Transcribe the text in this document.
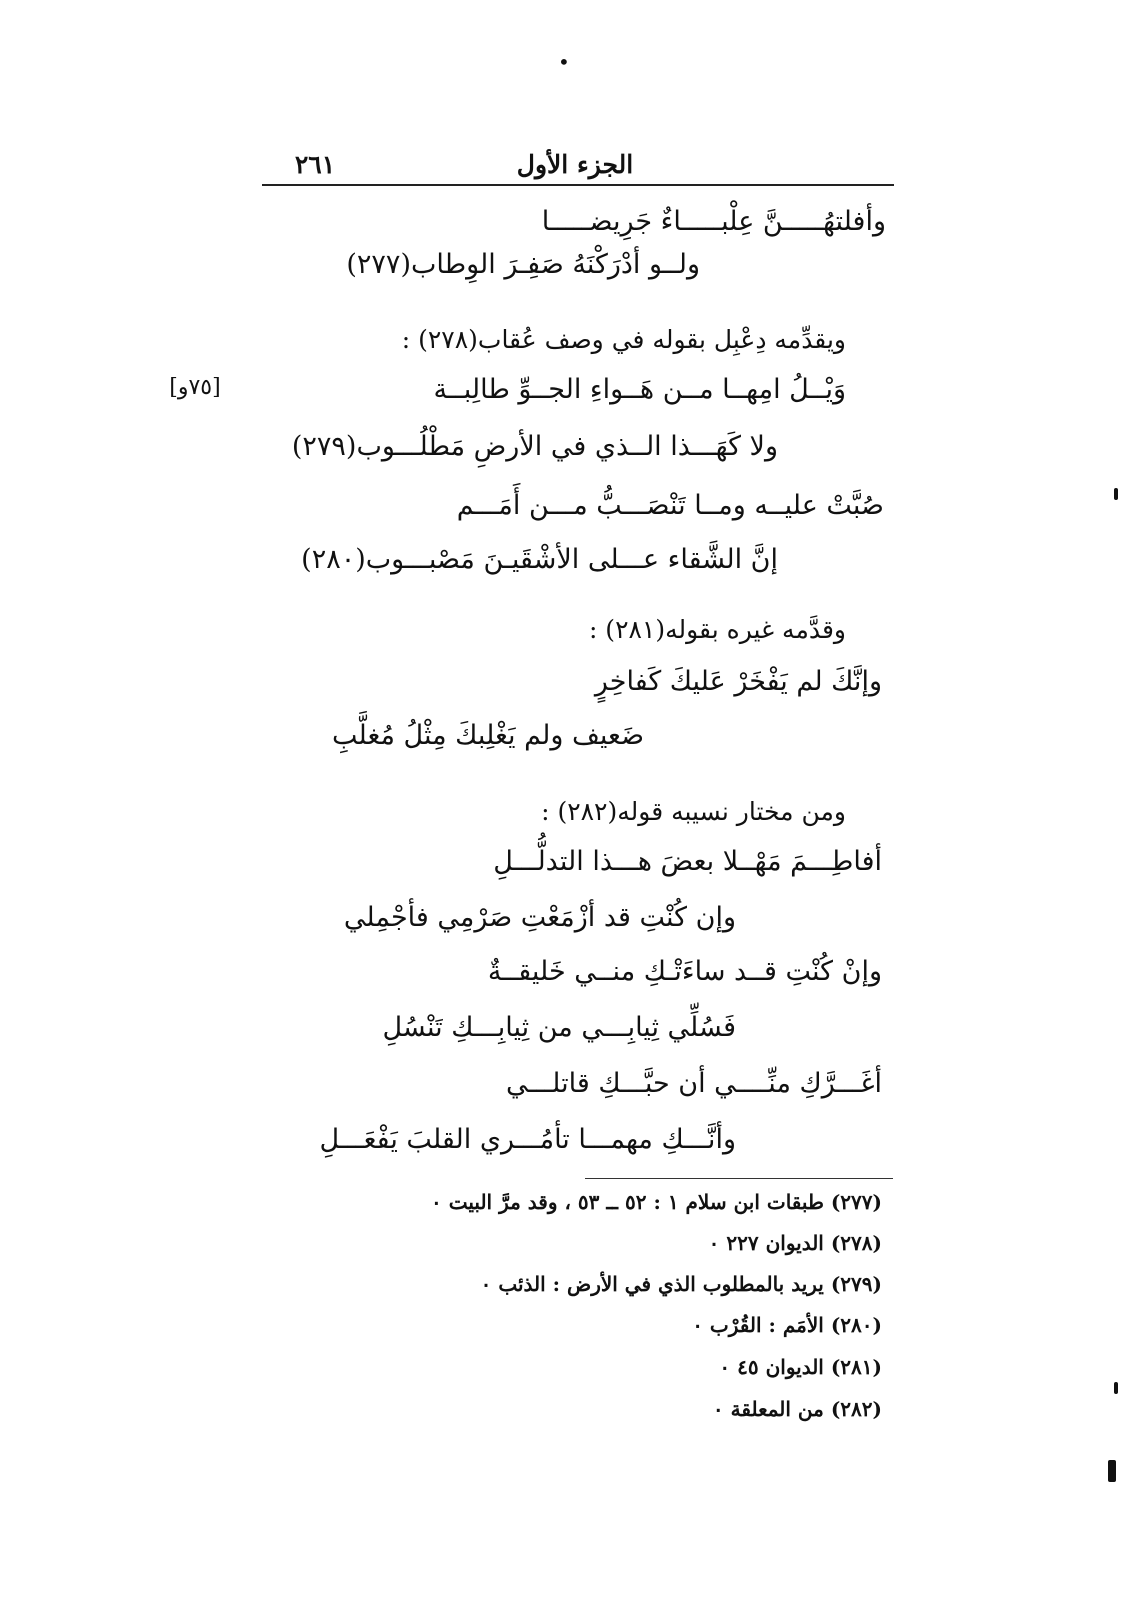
•
الجزء الأول
٢٦١
[٧٥و]
وأفلتهُـــــنَّ عِلْبـــــاءٌ جَرِيضـــــا
ولــو أدْرَكْنَهُ صَفِـرَ الوِطاب(٢٧٧)
ويقدِّمه دِعْبِل بقوله في وصف عُقاب(٢٧٨) :
وَيْــلُ امِهــا مــن هَــواءِ الجــوِّ طالِبــة
ولا كَهَـــذا الــذي في الأرضِ مَطْلُـــوب(٢٧٩)
صُبَّتْ عليــه ومــا تَنْصَـــبُّ مـــن أَمَـــم
إنَّ الشَّقاء عـــلى الأشْقَيـنَ مَصْبـــوب(٢٨٠)
وقدَّمه غيره بقوله(٢٨١) :
وإنَّكَ لم يَفْخَرْ عَليكَ كَفاخِرٍ
ضَعيف ولم يَغْلِبكَ مِثْلُ مُغلَّبِ
ومن مختار نسيبه قوله(٢٨٢) :
أفاطِـــمَ مَهْــلا بعضَ هـــذا التدلُّـــلِ
وإن كُنْتِ قد أزْمَعْتِ صَرْمِي فأجْمِلي
وإنْ كُنْتِ قــد ساءَتْـكِ منــي خَليقــةٌ
فَسُلِّي ثِيابِـــي من ثِيابِـــكِ تَنْسُلِ
أغَـــرَّكِ منِّــــي أن حبَّـــكِ قاتلـــي
وأنَّـــكِ مهمـــا تأمُـــري القلبَ يَفْعَـــلِ
(٢٧٧) طبقات ابن سلام ١ : ٥٢ ــ ٥٣ ، وقد مرَّ البيت ٠
(٢٧٨) الديوان ٢٢٧ ٠
(٢٧٩) يريد بالمطلوب الذي في الأرض : الذئب ٠
(٢٨٠) الأمَم : القُرْب ٠
(٢٨١) الديوان ٤٥ ٠
(٢٨٢) من المعلقة ٠
